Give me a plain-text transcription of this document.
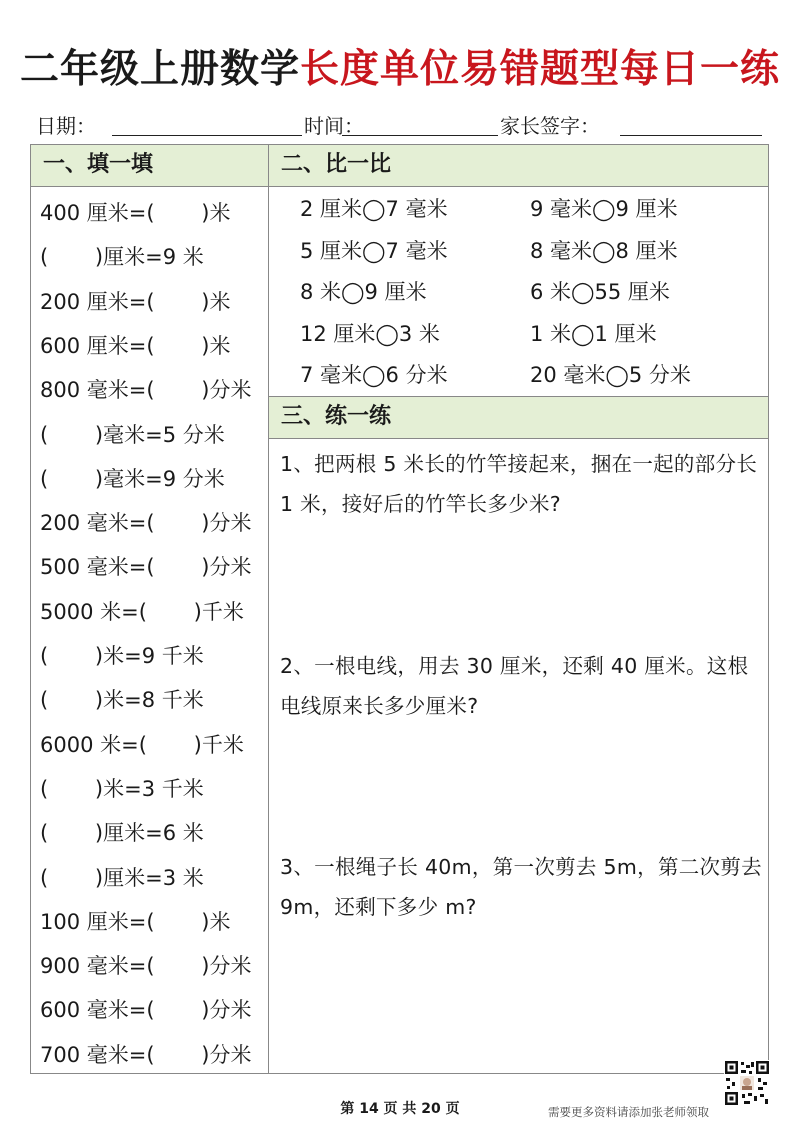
二年级上册数学长度单位易错题型每日一练
日期：	时间：	家长签字：
一、填一填
400 厘米=(       )米
(       )厘米=9 米
200 厘米=(       )米
600 厘米=(       )米
800 毫米=(       )分米
(       )毫米=5 分米
(       )毫米=9 分米
200 毫米=(       )分米
500 毫米=(       )分米
5000 米=(       )千米
(       )米=9 千米
(       )米=8 千米
6000 米=(       )千米
(       )米=3 千米
(       )厘米=6 米
(       )厘米=3 米
100 厘米=(       )米
900 毫米=(       )分米
600 毫米=(       )分米
700 毫米=(       )分米
二、比一比
2 厘米◯7 毫米	9 毫米◯9 厘米
5 厘米◯7 毫米	8 毫米◯8 厘米
8 米◯9 厘米	6 米◯55 厘米
12 厘米◯3 米	1 米◯1 厘米
7 毫米◯6 分米	20 毫米◯5 分米
三、练一练
1、把两根 5 米长的竹竿接起来，捆在一起的部分长 1 米，接好后的竹竿长多少米?
2、一根电线，用去 30 厘米，还剩 40 厘米。这根电线原来长多少厘米?
3、一根绳子长 40m，第一次剪去 5m，第二次剪去 9m，还剩下多少 m?
第 14 页 共 20 页	需要更多资料请添加张老师领取
